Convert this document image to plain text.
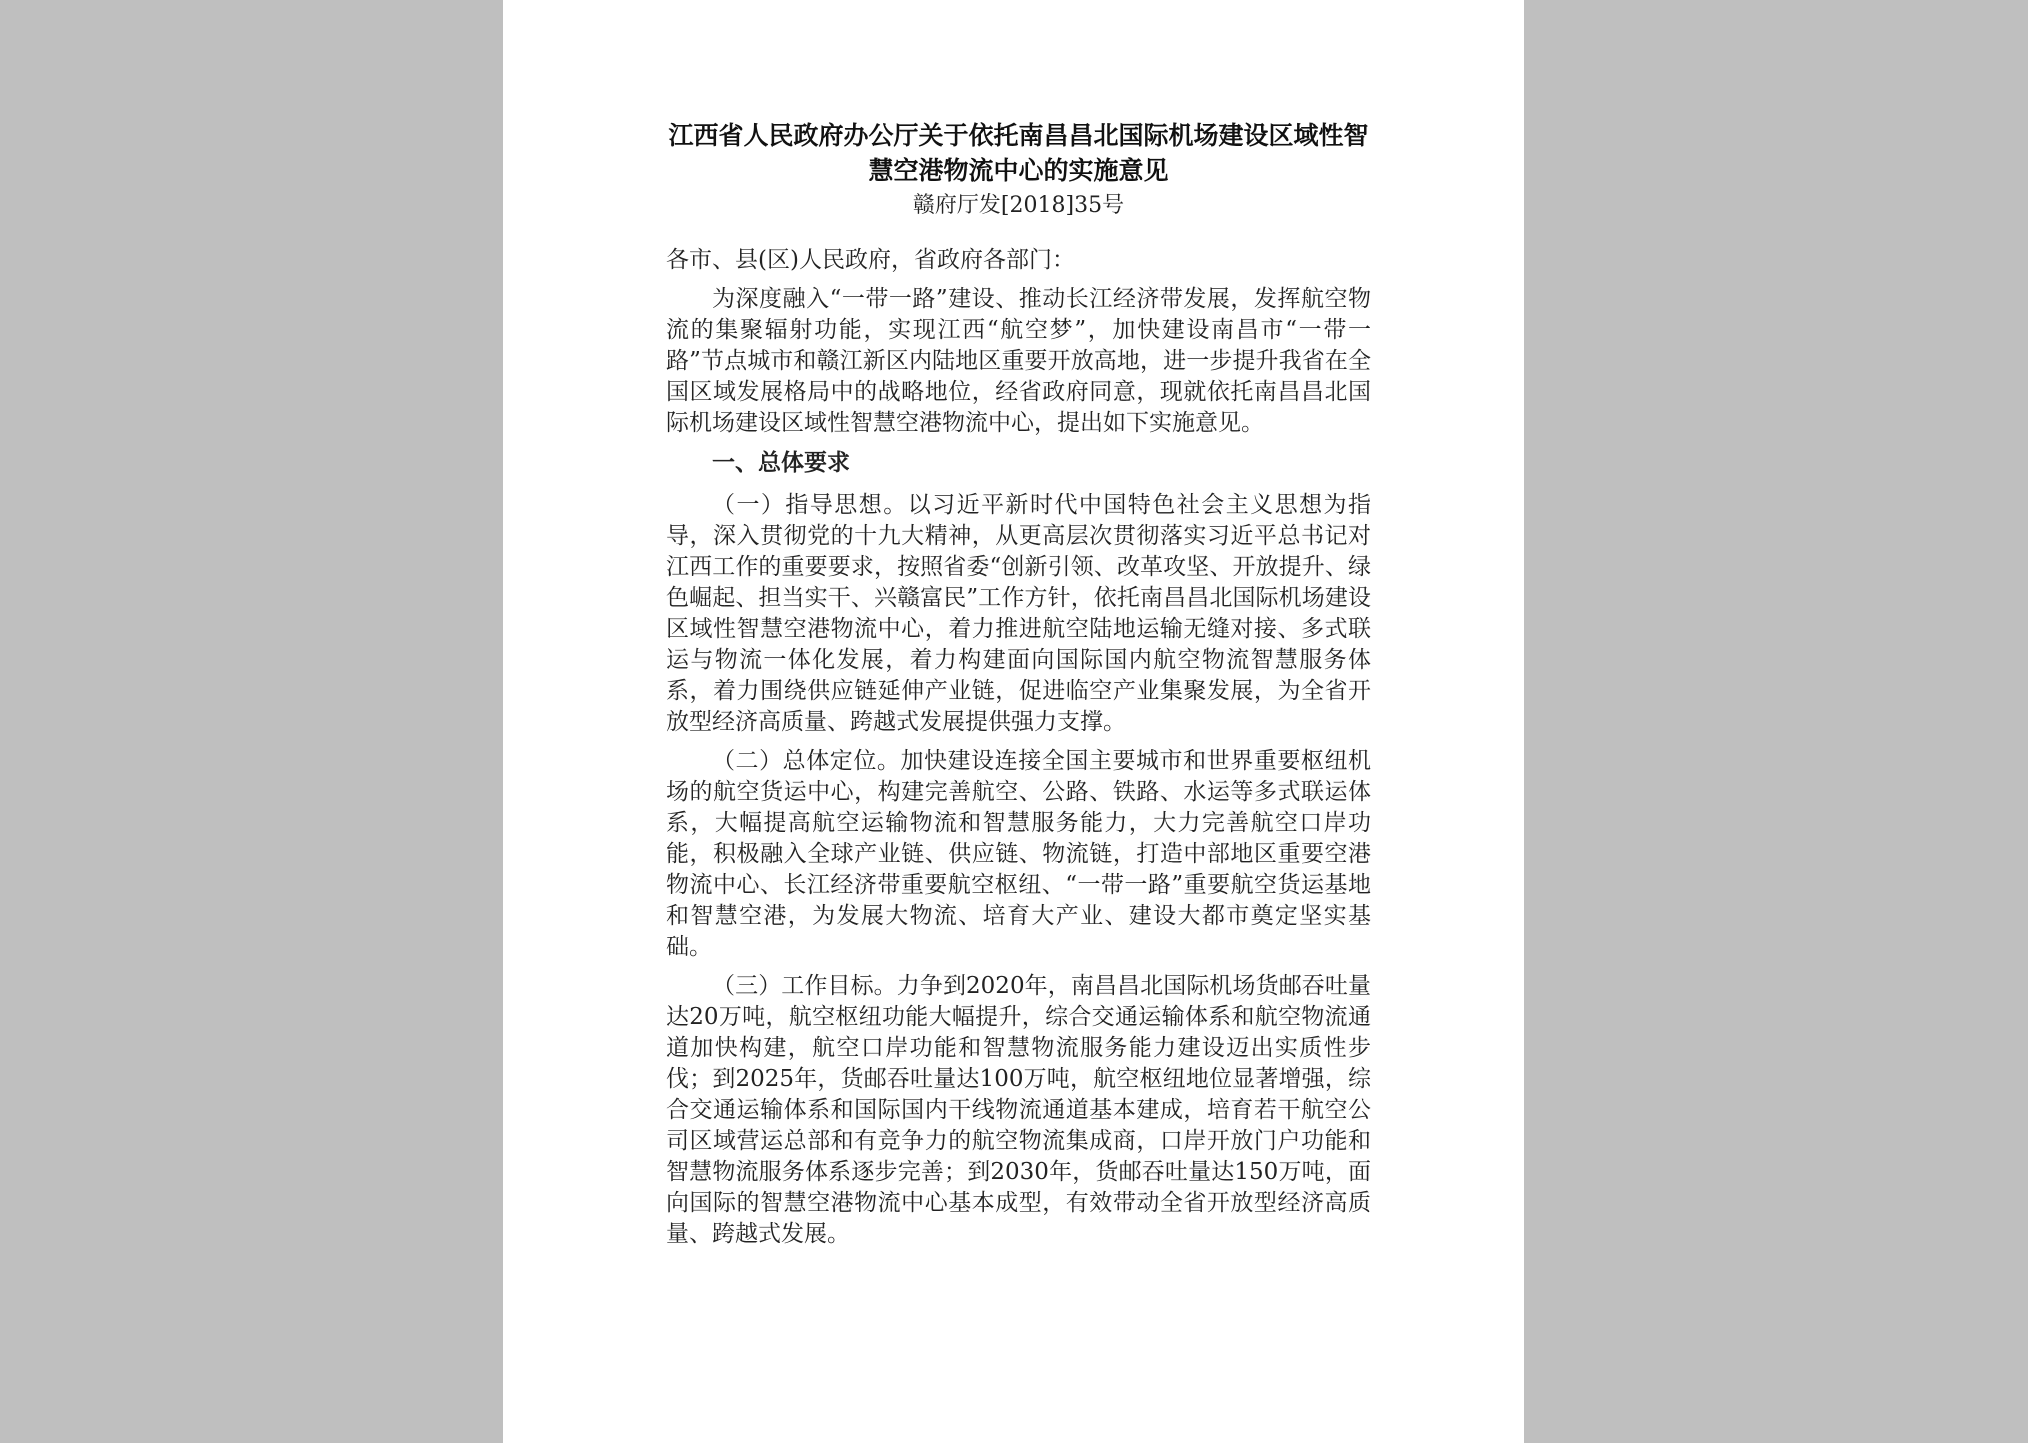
江西省人民政府办公厅关于依托南昌昌北国际机场建设区域性智慧空港物流中心的实施意见

赣府厅发[2018]35号

各市、县(区)人民政府，省政府各部门：

为深度融入“一带一路”建设、推动长江经济带发展，发挥航空物流的集聚辐射功能，实现江西“航空梦”，加快建设南昌市“一带一路”节点城市和赣江新区内陆地区重要开放高地，进一步提升我省在全国区域发展格局中的战略地位，经省政府同意，现就依托南昌昌北国际机场建设区域性智慧空港物流中心，提出如下实施意见。

一、总体要求

（一）指导思想。以习近平新时代中国特色社会主义思想为指导，深入贯彻党的十九大精神，从更高层次贯彻落实习近平总书记对江西工作的重要要求，按照省委“创新引领、改革攻坚、开放提升、绿色崛起、担当实干、兴赣富民”工作方针，依托南昌昌北国际机场建设区域性智慧空港物流中心，着力推进航空陆地运输无缝对接、多式联运与物流一体化发展，着力构建面向国际国内航空物流智慧服务体系，着力围绕供应链延伸产业链，促进临空产业集聚发展，为全省开放型经济高质量、跨越式发展提供强力支撑。

（二）总体定位。加快建设连接全国主要城市和世界重要枢纽机场的航空货运中心，构建完善航空、公路、铁路、水运等多式联运体系，大幅提高航空运输物流和智慧服务能力，大力完善航空口岸功能，积极融入全球产业链、供应链、物流链，打造中部地区重要空港物流中心、长江经济带重要航空枢纽、“一带一路”重要航空货运基地和智慧空港，为发展大物流、培育大产业、建设大都市奠定坚实基础。

（三）工作目标。力争到2020年，南昌昌北国际机场货邮吞吐量达20万吨，航空枢纽功能大幅提升，综合交通运输体系和航空物流通道加快构建，航空口岸功能和智慧物流服务能力建设迈出实质性步伐；到2025年，货邮吞吐量达100万吨，航空枢纽地位显著增强，综合交通运输体系和国际国内干线物流通道基本建成，培育若干航空公司区域营运总部和有竞争力的航空物流集成商，口岸开放门户功能和智慧物流服务体系逐步完善；到2030年，货邮吞吐量达150万吨，面向国际的智慧空港物流中心基本成型，有效带动全省开放型经济高质量、跨越式发展。
